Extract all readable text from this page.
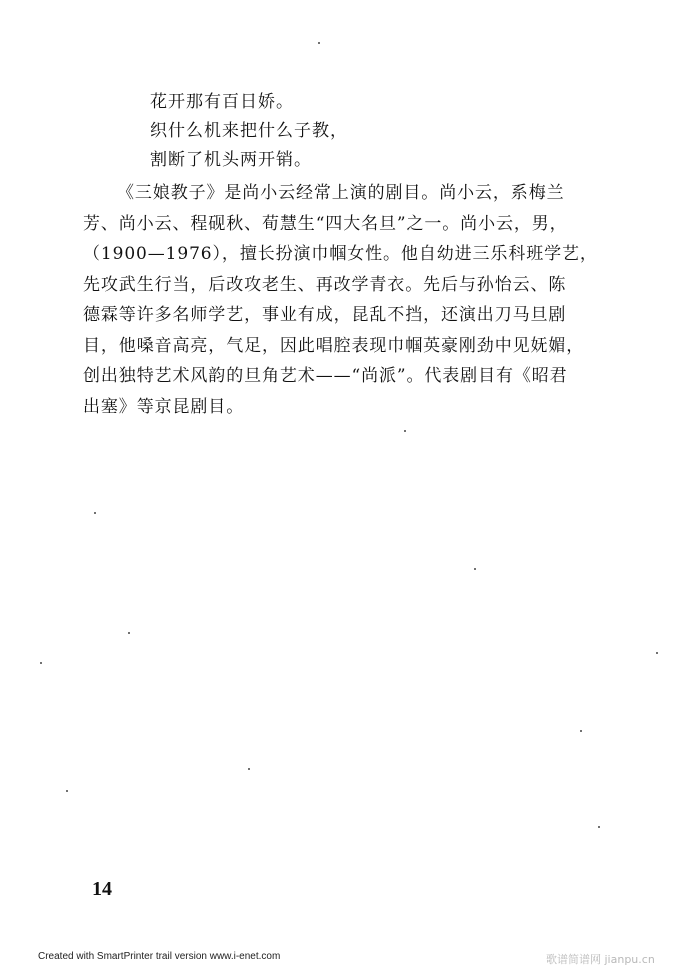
花开那有百日娇。
织什么机来把什么子教，
割断了机头两开销。
《三娘教子》是尚小云经常上演的剧目。尚小云，系梅兰
芳、尚小云、程砚秋、荀慧生“四大名旦”之一。尚小云，男，
（1900—1976），擅长扮演巾帼女性。他自幼进三乐科班学艺，
先攻武生行当，后改攻老生、再改学青衣。先后与孙怡云、陈
德霖等许多名师学艺，事业有成，昆乱不挡，还演出刀马旦剧
目，他嗓音高亮，气足，因此唱腔表现巾帼英豪刚劲中见妩媚，
创出独特艺术风韵的旦角艺术——“尚派”。代表剧目有《昭君
出塞》等京昆剧目。
14
Created with SmartPrinter trail version www.i-enet.com	歌谱简谱网 jianpu.cn
